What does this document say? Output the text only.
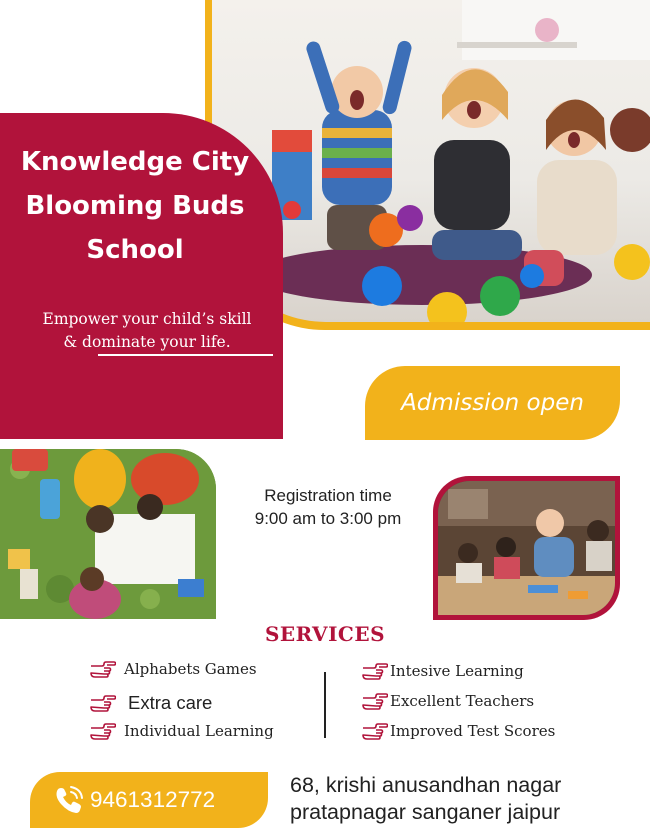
Knowledge City
Blooming Buds
School
Empower your child’s skill
& dominate your life.
Admission open
Registration time
9:00 am to 3:00 pm
SERVICES
Alphabets Games
Extra care
Individual Learning
Intesive Learning
Excellent Teachers
Improved Test Scores
9461312772
68, krishi anusandhan nagar
pratapnagar sanganer jaipur
